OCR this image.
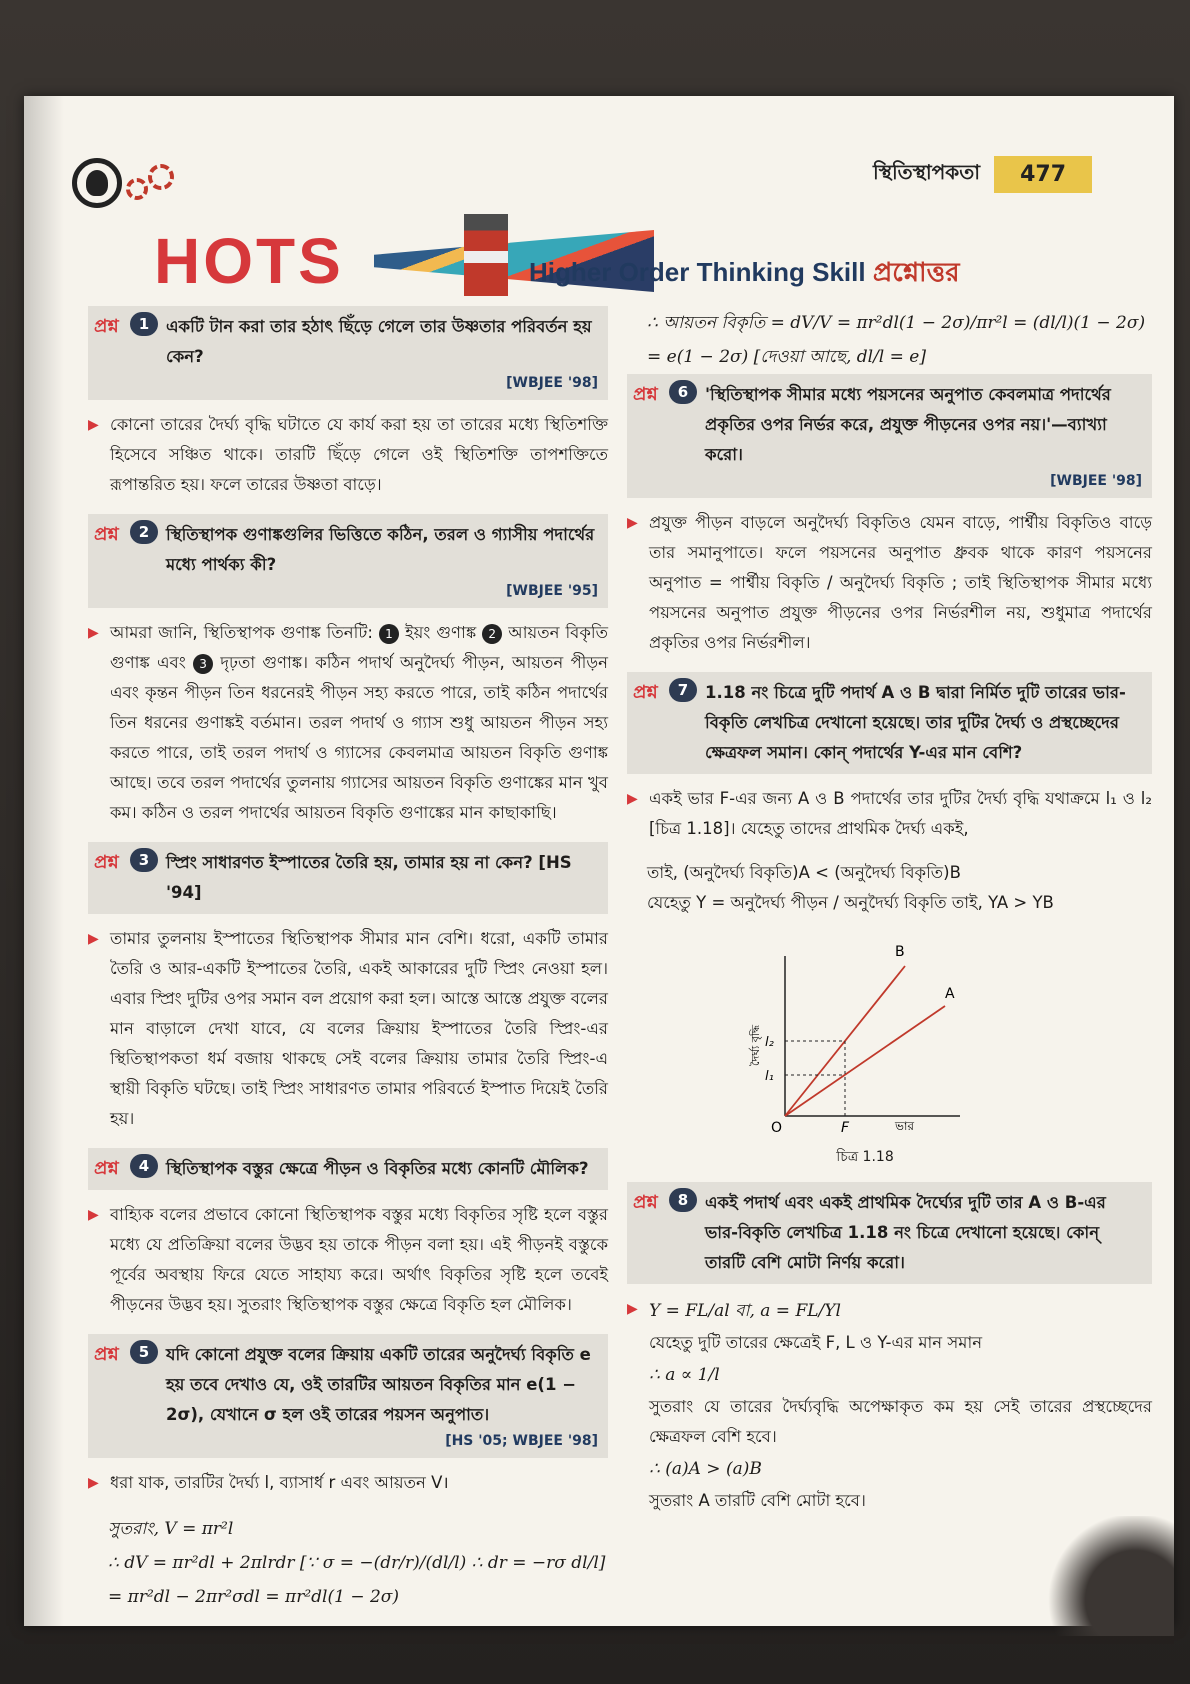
স্থিতিস্থাপকতা	477
HOTS	Higher Order Thinking Skill প্রশ্নোত্তর
প্রশ্ন	1	একটি টান করা তার হঠাৎ ছিঁড়ে গেলে তার উষ্ণতার পরিবর্তন হয় কেন?
[WBJEE '98]
▶ কোনো তারের দৈর্ঘ্য বৃদ্ধি ঘটাতে যে কার্য করা হয় তা তারের মধ্যে স্থিতিশক্তি হিসেবে সঞ্চিত থাকে। তারটি ছিঁড়ে গেলে ওই স্থিতিশক্তি তাপশক্তিতে রূপান্তরিত হয়। ফলে তারের উষ্ণতা বাড়ে।
প্রশ্ন	2	স্থিতিস্থাপক গুণাঙ্কগুলির ভিত্তিতে কঠিন, তরল ও গ্যাসীয় পদার্থের মধ্যে পার্থক্য কী?
[WBJEE '95]
▶ আমরা জানি, স্থিতিস্থাপক গুণাঙ্ক তিনটি: 1 ইয়ং গুণাঙ্ক 2 আয়তন বিকৃতি গুণাঙ্ক এবং 3 দৃঢ়তা গুণাঙ্ক। কঠিন পদার্থ অনুদৈর্ঘ্য পীড়ন, আয়তন পীড়ন এবং কৃন্তন পীড়ন তিন ধরনেরই পীড়ন সহ্য করতে পারে, তাই কঠিন পদার্থের তিন ধরনের গুণাঙ্কই বর্তমান। তরল পদার্থ ও গ্যাস শুধু আয়তন পীড়ন সহ্য করতে পারে, তাই তরল পদার্থ ও গ্যাসের কেবলমাত্র আয়তন বিকৃতি গুণাঙ্ক আছে। তবে তরল পদার্থের তুলনায় গ্যাসের আয়তন বিকৃতি গুণাঙ্কের মান খুব কম। কঠিন ও তরল পদার্থের আয়তন বিকৃতি গুণাঙ্কের মান কাছাকাছি।
প্রশ্ন	3	স্প্রিং সাধারণত ইস্পাতের তৈরি হয়, তামার হয় না কেন? [HS '94]
▶ তামার তুলনায় ইস্পাতের স্থিতিস্থাপক সীমার মান বেশি। ধরো, একটি তামার তৈরি ও আর-একটি ইস্পাতের তৈরি, একই আকারের দুটি স্প্রিং নেওয়া হল। এবার স্প্রিং দুটির ওপর সমান বল প্রয়োগ করা হল। আস্তে আস্তে প্রযুক্ত বলের মান বাড়ালে দেখা যাবে, যে বলের ক্রিয়ায় ইস্পাতের তৈরি স্প্রিং-এর স্থিতিস্থাপকতা ধর্ম বজায় থাকছে সেই বলের ক্রিয়ায় তামার তৈরি স্প্রিং-এ স্থায়ী বিকৃতি ঘটছে। তাই স্প্রিং সাধারণত তামার পরিবর্তে ইস্পাত দিয়েই তৈরি হয়।
প্রশ্ন	4	স্থিতিস্থাপক বস্তুর ক্ষেত্রে পীড়ন ও বিকৃতির মধ্যে কোনটি মৌলিক?
▶ বাহ্যিক বলের প্রভাবে কোনো স্থিতিস্থাপক বস্তুর মধ্যে বিকৃতির সৃষ্টি হলে বস্তুর মধ্যে যে প্রতিক্রিয়া বলের উদ্ভব হয় তাকে পীড়ন বলা হয়। এই পীড়নই বস্তুকে পূর্বের অবস্থায় ফিরে যেতে সাহায্য করে। অর্থাৎ বিকৃতির সৃষ্টি হলে তবেই পীড়নের উদ্ভব হয়। সুতরাং স্থিতিস্থাপক বস্তুর ক্ষেত্রে বিকৃতি হল মৌলিক।
প্রশ্ন	5	যদি কোনো প্রযুক্ত বলের ক্রিয়ায় একটি তারের অনুদৈর্ঘ্য বিকৃতি e হয় তবে দেখাও যে, ওই তারটির আয়তন বিকৃতির মান e(1 − 2σ), যেখানে σ হল ওই তারের পয়সন অনুপাত।
[HS '05; WBJEE '98]
▶ ধরা যাক, তারটির দৈর্ঘ্য l, ব্যাসার্ধ r এবং আয়তন V।
সুতরাং, V = πr²l
∴ dV = πr²dl + 2πlrdr [∵ σ = −(dr/r)/(dl/l) ∴ dr = −rσ dl/l]
= πr²dl − 2πr²σdl = πr²dl(1 − 2σ)
∴ আয়তন বিকৃতি = dV/V = πr²dl(1 − 2σ)/πr²l = (dl/l)(1 − 2σ)
= e(1 − 2σ) [দেওয়া আছে, dl/l = e]
প্রশ্ন	6	'স্থিতিস্থাপক সীমার মধ্যে পয়সনের অনুপাত কেবলমাত্র পদার্থের প্রকৃতির ওপর নির্ভর করে, প্রযুক্ত পীড়নের ওপর নয়।'—ব্যাখ্যা করো।
[WBJEE '98]
▶ প্রযুক্ত পীড়ন বাড়লে অনুদৈর্ঘ্য বিকৃতিও যেমন বাড়ে, পার্শ্বীয় বিকৃতিও বাড়ে তার সমানুপাতে। ফলে পয়সনের অনুপাত ধ্রুবক থাকে কারণ পয়সনের অনুপাত = পার্শ্বীয় বিকৃতি / অনুদৈর্ঘ্য বিকৃতি ; তাই স্থিতিস্থাপক সীমার মধ্যে পয়সনের অনুপাত প্রযুক্ত পীড়নের ওপর নির্ভরশীল নয়, শুধুমাত্র পদার্থের প্রকৃতির ওপর নির্ভরশীল।
প্রশ্ন	7	1.18 নং চিত্রে দুটি পদার্থ A ও B দ্বারা নির্মিত দুটি তারের ভার-বিকৃতি লেখচিত্র দেখানো হয়েছে। তার দুটির দৈর্ঘ্য ও প্রস্থচ্ছেদের ক্ষেত্রফল সমান। কোন্ পদার্থের Y-এর মান বেশি?
▶ একই ভার F-এর জন্য A ও B পদার্থের তার দুটির দৈর্ঘ্য বৃদ্ধি যথাক্রমে l₁ ও l₂ [চিত্র 1.18]। যেহেতু তাদের প্রাথমিক দৈর্ঘ্য একই,
তাই, (অনুদৈর্ঘ্য বিকৃতি)A < (অনুদৈর্ঘ্য বিকৃতি)B
যেহেতু Y = অনুদৈর্ঘ্য পীড়ন / অনুদৈর্ঘ্য বিকৃতি তাই, YA > YB
B
A
l₂
l₁
O	F	ভার
দৈর্ঘ্য বৃদ্ধি
চিত্র 1.18
প্রশ্ন	8	একই পদার্থ এবং একই প্রাথমিক দৈর্ঘ্যের দুটি তার A ও B-এর ভার-বিকৃতি লেখচিত্র 1.18 নং চিত্রে দেখানো হয়েছে। কোন্ তারটি বেশি মোটা নির্ণয় করো।
▶ Y = FL/al বা, a = FL/Yl
যেহেতু দুটি তারের ক্ষেত্রেই F, L ও Y-এর মান সমান
∴ a ∝ 1/l
সুতরাং যে তারের দৈর্ঘ্যবৃদ্ধি অপেক্ষাকৃত কম হয় সেই তারের প্রস্থচ্ছেদের ক্ষেত্রফল বেশি হবে।
∴ (a)A > (a)B
সুতরাং A তারটি বেশি মোটা হবে।
